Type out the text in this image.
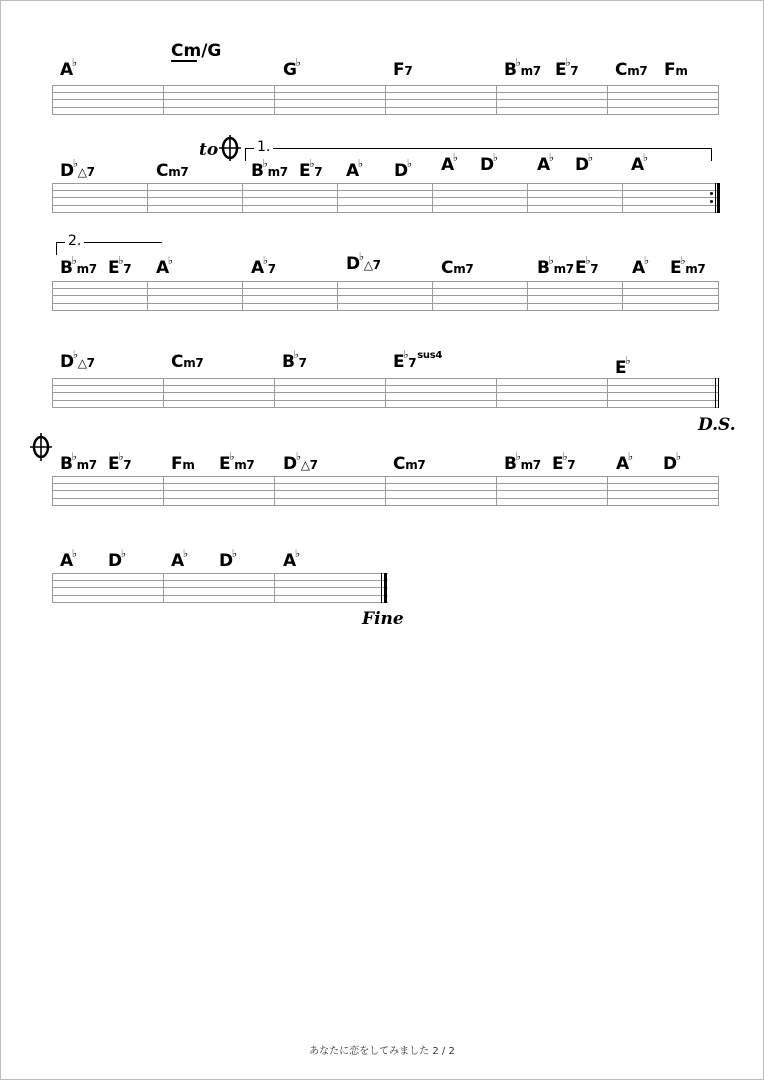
A♭
Cm/G
G♭	F7	B♭m7 E♭7 Cm7 Fm
to	1.
D♭△7	Cm7	B♭m7 E♭7 A♭ D♭ A♭ D♭ A♭ D♭ A♭
2.
B♭m7 E♭7 A♭	A♭7	D♭△7	Cm7	B♭m7 E♭7 A♭ E♭m7
D♭△7	Cm7	B♭7	$E^♭7^{sus4}$
E♭
D.S.
B♭m7 E♭7 Fm E♭m7 D♭△7	Cm7	B♭m7 E♭7 A♭ D♭
A♭ D♭	A♭ D♭	A♭
Fine
あなたに恋をしてみました 2 / 2
